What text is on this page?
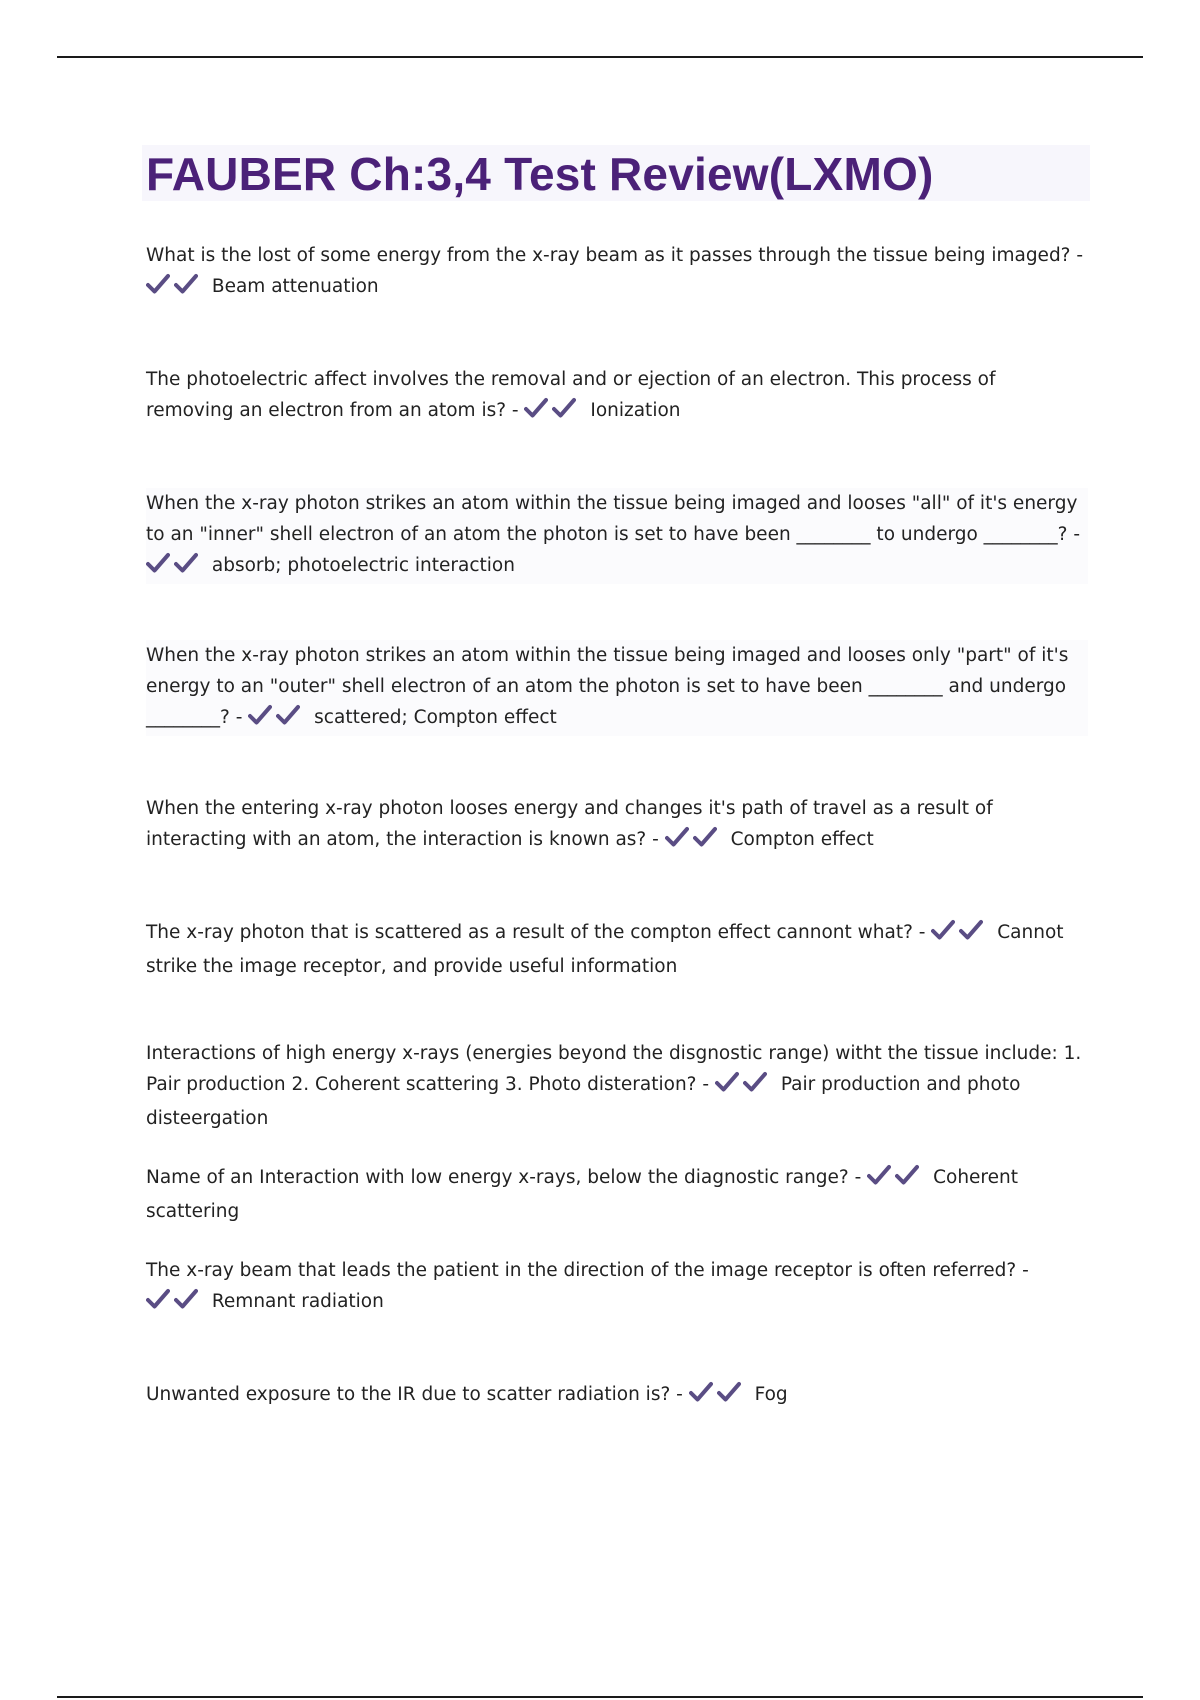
FAUBER Ch:3,4 Test Review(LXMO)
What is the lost of some energy from the x-ray beam as it passes through the tissue being imaged? -
Beam attenuation
The photoelectric affect involves the removal and or ejection of an electron. This process of removing an electron from an atom is? -	Ionization
When the x-ray photon strikes an atom within the tissue being imaged and looses "all" of it's energy to an "inner" shell electron of an atom the photon is set to have been ________ to undergo ________? -
absorb; photoelectric interaction
When the x-ray photon strikes an atom within the tissue being imaged and looses only "part" of it's energy to an "outer" shell electron of an atom the photon is set to have been ________ and undergo ________? -	scattered; Compton effect
When the entering x-ray photon looses energy and changes it's path of travel as a result of interacting with an atom, the interaction is known as? -	Compton effect
The x-ray photon that is scattered as a result of the compton effect cannont what? -	Cannot strike the image receptor, and provide useful information
Interactions of high energy x-rays (energies beyond the disgnostic range) witht the tissue include: 1. Pair production 2. Coherent scattering 3. Photo disteration? -	Pair production and photo disteergation
Name of an Interaction with low energy x-rays, below the diagnostic range? -	Coherent scattering
The x-ray beam that leads the patient in the direction of the image receptor is often referred? -
Remnant radiation
Unwanted exposure to the IR due to scatter radiation is? -	Fog
